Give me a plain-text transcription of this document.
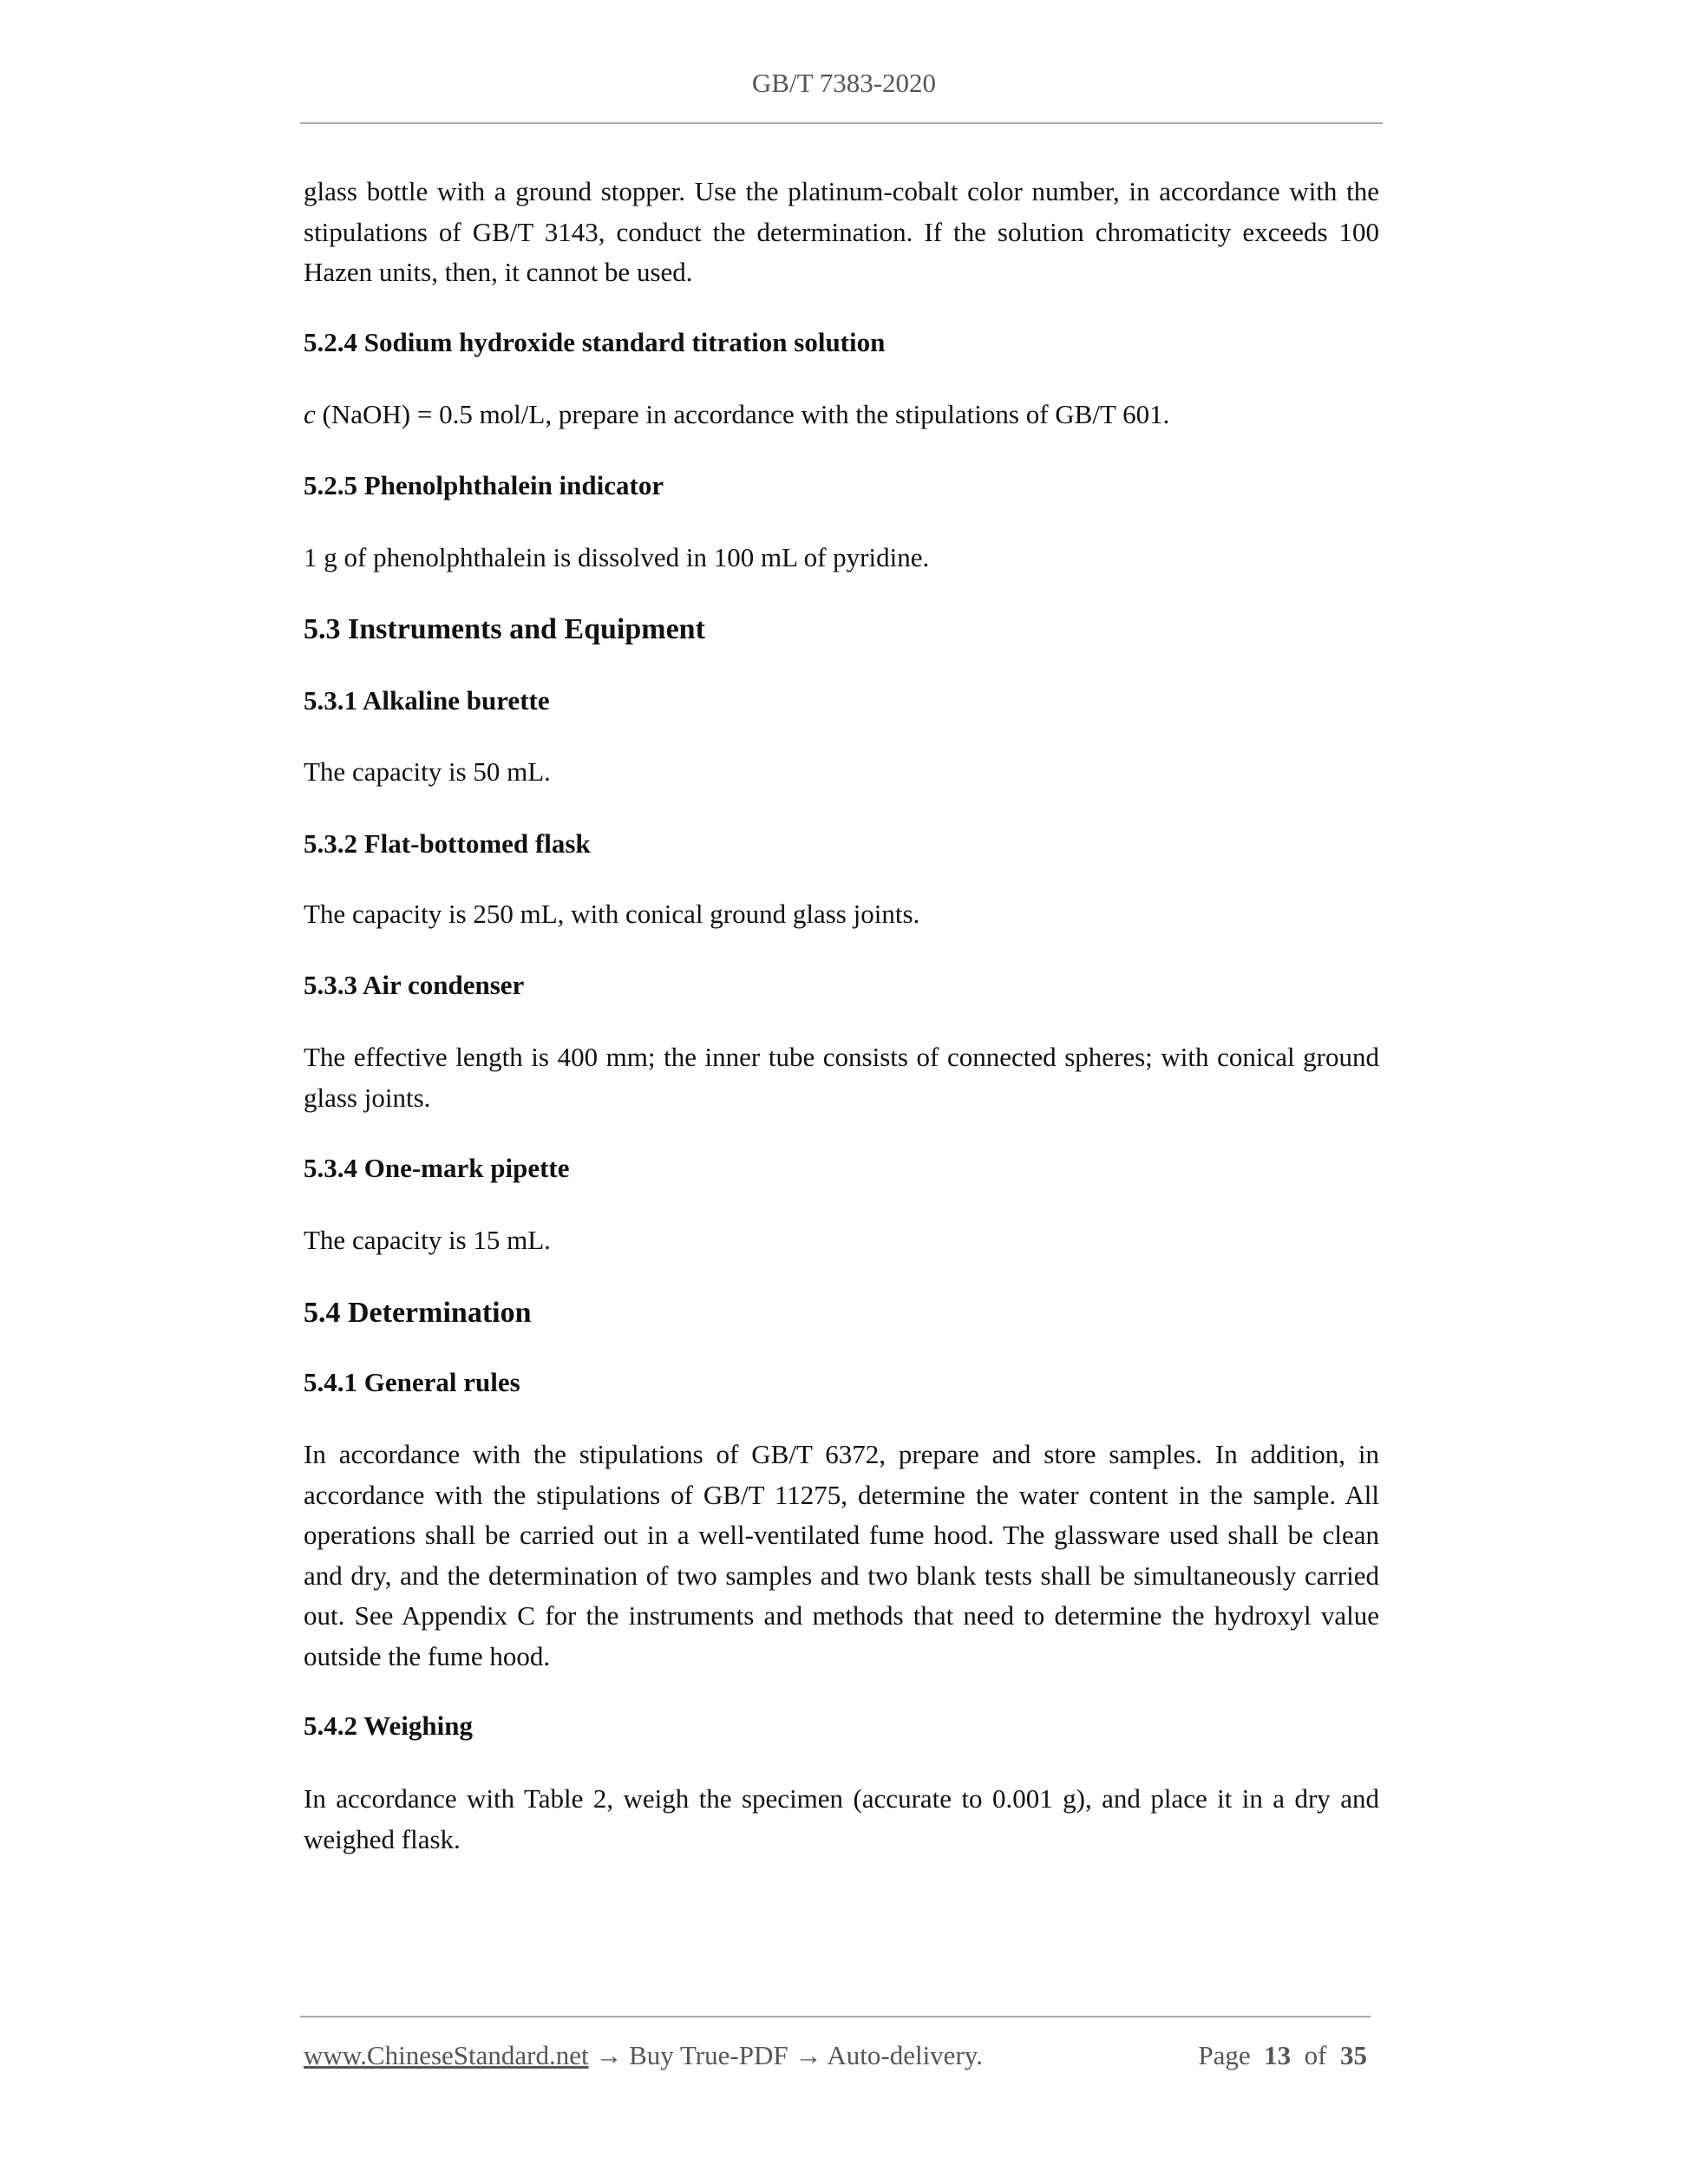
GB/T 7383-2020
glass bottle with a ground stopper. Use the platinum-cobalt color number, in accordance with the stipulations of GB/T 3143, conduct the determination. If the solution chromaticity exceeds 100 Hazen units, then, it cannot be used.
5.2.4 Sodium hydroxide standard titration solution
c (NaOH) = 0.5 mol/L, prepare in accordance with the stipulations of GB/T 601.
5.2.5 Phenolphthalein indicator
1 g of phenolphthalein is dissolved in 100 mL of pyridine.
5.3 Instruments and Equipment
5.3.1 Alkaline burette
The capacity is 50 mL.
5.3.2 Flat-bottomed flask
The capacity is 250 mL, with conical ground glass joints.
5.3.3 Air condenser
The effective length is 400 mm; the inner tube consists of connected spheres; with conical ground glass joints.
5.3.4 One-mark pipette
The capacity is 15 mL.
5.4 Determination
5.4.1 General rules
In accordance with the stipulations of GB/T 6372, prepare and store samples. In addition, in accordance with the stipulations of GB/T 11275, determine the water content in the sample. All operations shall be carried out in a well-ventilated fume hood. The glassware used shall be clean and dry, and the determination of two samples and two blank tests shall be simultaneously carried out. See Appendix C for the instruments and methods that need to determine the hydroxyl value outside the fume hood.
5.4.2 Weighing
In accordance with Table 2, weigh the specimen (accurate to 0.001 g), and place it in a dry and weighed flask.
www.ChineseStandard.net → Buy True-PDF → Auto-delivery.	Page 13 of 35
